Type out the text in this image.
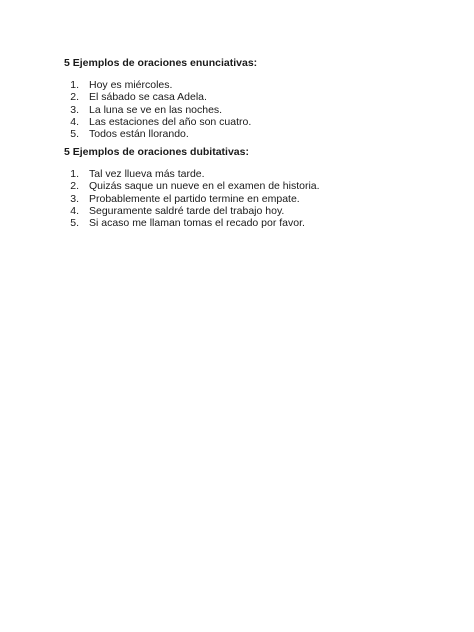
5 Ejemplos de oraciones enunciativas:

1. Hoy es miércoles.
2. El sábado se casa Adela.
3. La luna se ve en las noches.
4. Las estaciones del año son cuatro.
5. Todos están llorando.

5 Ejemplos de oraciones dubitativas:

1. Tal vez llueva más tarde.
2. Quizás saque un nueve en el examen de historia.
3. Probablemente el partido termine en empate.
4. Seguramente saldré tarde del trabajo hoy.
5. Si acaso me llaman tomas el recado por favor.
